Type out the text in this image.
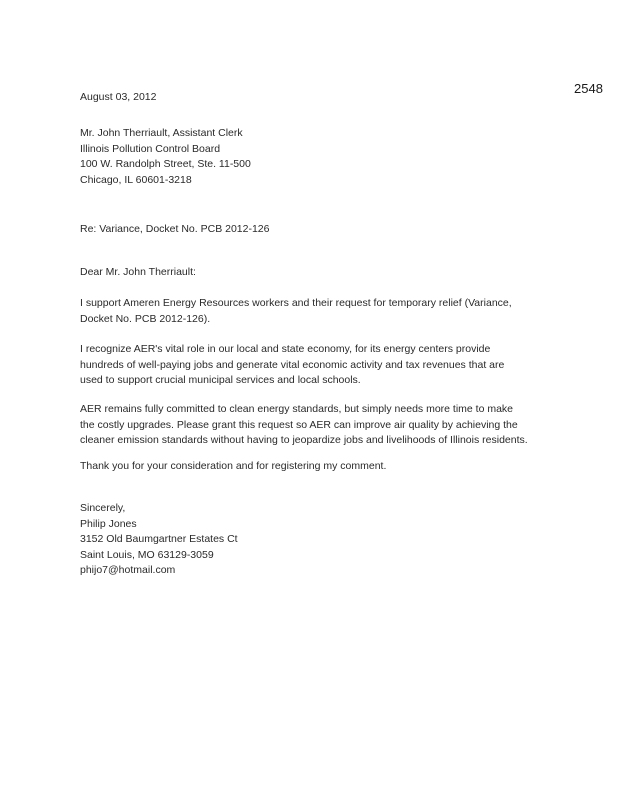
2548
August 03, 2012
Mr. John Therriault, Assistant Clerk
Illinois Pollution Control Board
100 W. Randolph Street, Ste. 11-500
Chicago, IL 60601-3218
Re: Variance, Docket No. PCB 2012-126
Dear Mr. John Therriault:
I support Ameren Energy Resources workers and their request for temporary relief (Variance,
Docket No. PCB 2012-126).
I recognize AER's vital role in our local and state economy, for its energy centers provide
hundreds of well-paying jobs and generate vital economic activity and tax revenues that are
used to support crucial municipal services and local schools.
AER remains fully committed to clean energy standards, but simply needs more time to make
the costly upgrades. Please grant this request so AER can improve air quality by achieving the
cleaner emission standards without having to jeopardize jobs and livelihoods of Illinois residents.
Thank you for your consideration and for registering my comment.
Sincerely,
Philip Jones
3152 Old Baumgartner Estates Ct
Saint Louis, MO 63129-3059
phijo7@hotmail.com
